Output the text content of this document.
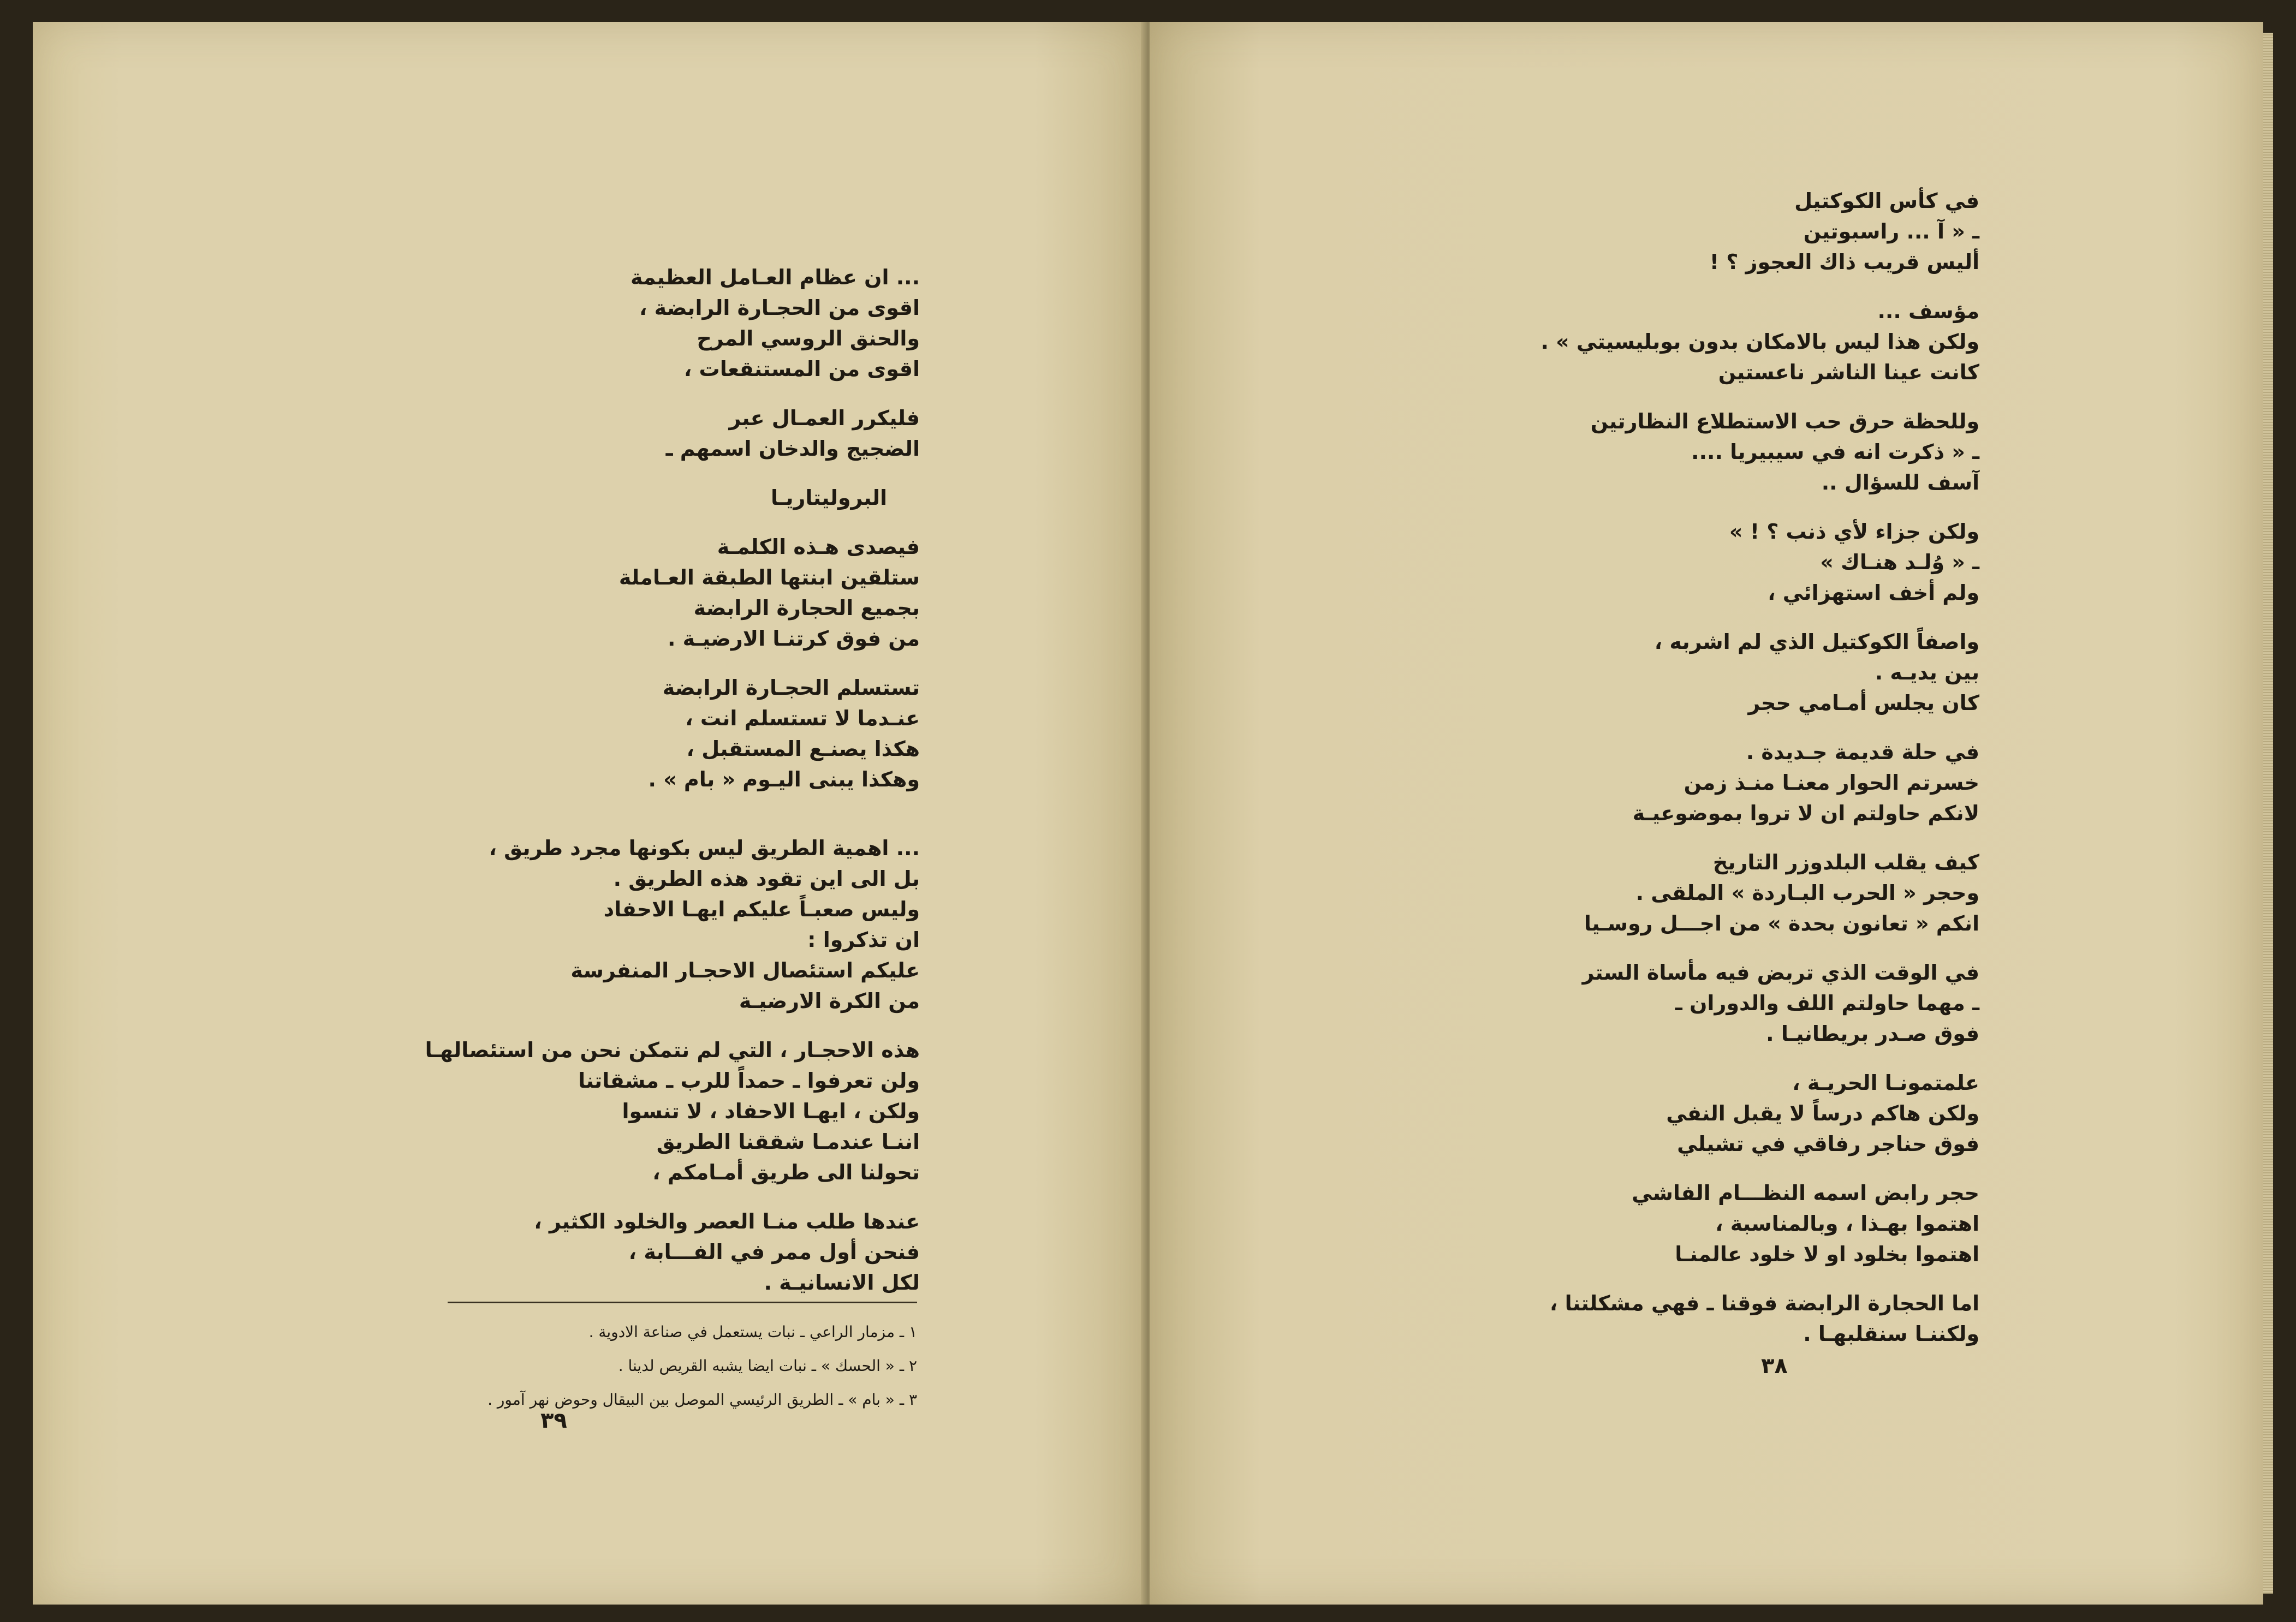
... ان عظام العـامل العظيمة
اقوى من الحجـارة الرابضة ،
والحنق الروسي المرح
اقوى من المستنقعات ،
فليكرر العمـال عبر
الضجيج والدخان اسمهم ـ
البروليتاريـا
فيصدى هـذه الكلمـة
ستلقين ابنتها الطبقة العـاملة
بجميع الحجارة الرابضة
من فوق كرتنـا الارضيـة .
تستسلم الحجـارة الرابضة
عنـدما لا تستسلم انت ،
هكذا يصنـع المستقبل ،
وهكذا يبنى اليـوم « بام » .
... اهمية الطريق ليس بكونها مجرد طريق ،
بل الى اين تقود هذه الطريق .
وليس صعبـاً عليكم ايهـا الاحفاد
ان تذكروا :
عليكم استئصال الاحجـار المنفرسة
من الكرة الارضيـة
هذه الاحجـار ، التي لم نتمكن نحن من استئصالهـا
ولن تعرفوا ـ حمداً للرب ـ مشقاتنا
ولكن ، ايهـا الاحفاد ، لا تنسوا
اننـا عندمـا شققنا الطريق
تحولنا الى طريق أمـامكم ،
عندها طلب منـا العصر والخلود الكثير ،
فنحن أول ممر في الفـــابة ،
لكل الانسانيـة .
١ ـ مزمار الراعي ـ نبات يستعمل في صناعة الادوية .
٢ ـ « الحسك » ـ نبات ايضا يشبه القريص لدينا .
٣ ـ « بام » ـ الطريق الرئيسي الموصل بين البيقال وحوض نهر آمور .
٣٩
في كأس الكوكتيل
ـ « آ ... راسبوتين
أليس قريب ذاك العجوز ؟ !
مؤسف ...
ولكن هذا ليس بالامكان بدون بوبليسيتي » .
كانت عينا الناشر ناعستين
وللحظة حرق حب الاستطلاع النظارتين
ـ « ذكرت انه في سيبيريا ....
آسف للسؤال ..
ولكن جزاء لأي ذنب ؟ ! »
ـ « وُلـد هنـاك »
ولم أخف استهزائي ،
واصفاً الكوكتيل الذي لم اشربه ،
بين يديـه .
كان يجلس أمـامي حجر
في حلة قديمة جـديدة .
خسرتم الحوار معنـا منـذ زمن
لانكم حاولتم ان لا تروا بموضوعيـة
كيف يقلب البلدوزر التاريخ
وحجر « الحرب البـاردة » الملقى .
انكم « تعانون بحدة » من اجـــل روسـيا
في الوقت الذي تربض فيه مأساة الستر
ـ مهما حاولتم اللف والدوران ـ
فوق صـدر بريطانيـا .
علمتمونـا الحريـة ،
ولكن هاكم درساً لا يقبل النفي
فوق حناجر رفاقي في تشيلي
حجر رابض اسمه النظـــام الفاشي
اهتموا بهـذا ، وبالمناسبة ،
اهتموا بخلود او لا خلود عالمنـا
اما الحجارة الرابضة فوقنا ـ فهي مشكلتنا ،
ولكننـا سنقلبهـا .
٣٨
